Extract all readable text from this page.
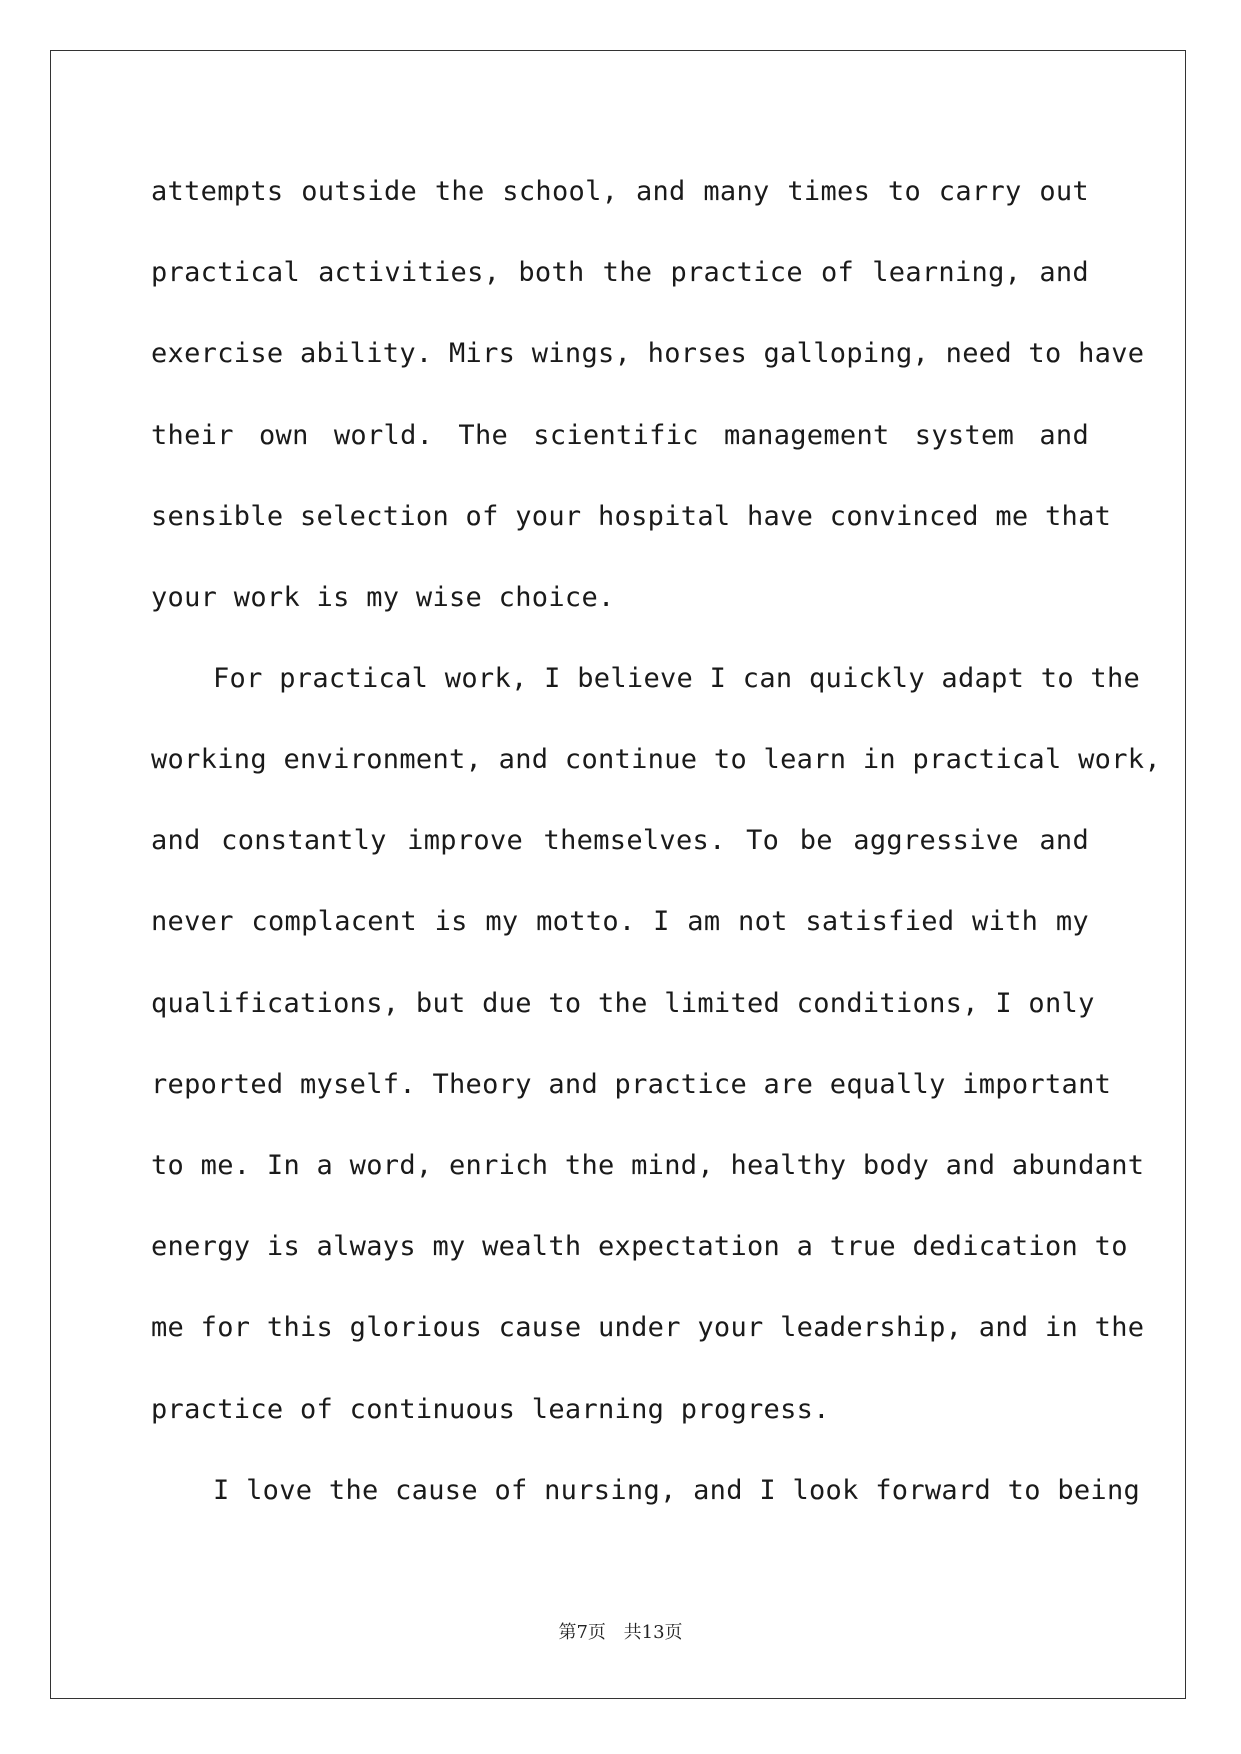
attempts outside the school, and many times to carry out
practical activities, both the practice of learning, and
exercise ability. Mirs wings, horses galloping, need to have
their own world. The scientific management system and
sensible selection of your hospital have convinced me that
your work is my wise choice.
For practical work, I believe I can quickly adapt to the
working environment, and continue to learn in practical work,
and constantly improve themselves. To be aggressive and
never complacent is my motto. I am not satisfied with my
qualifications, but due to the limited conditions, I only
reported myself. Theory and practice are equally important
to me. In a word, enrich the mind, healthy body and abundant
energy is always my wealth expectation a true dedication to
me for this glorious cause under your leadership, and in the
practice of continuous learning progress.
I love the cause of nursing, and I look forward to being
第7页 共13页
